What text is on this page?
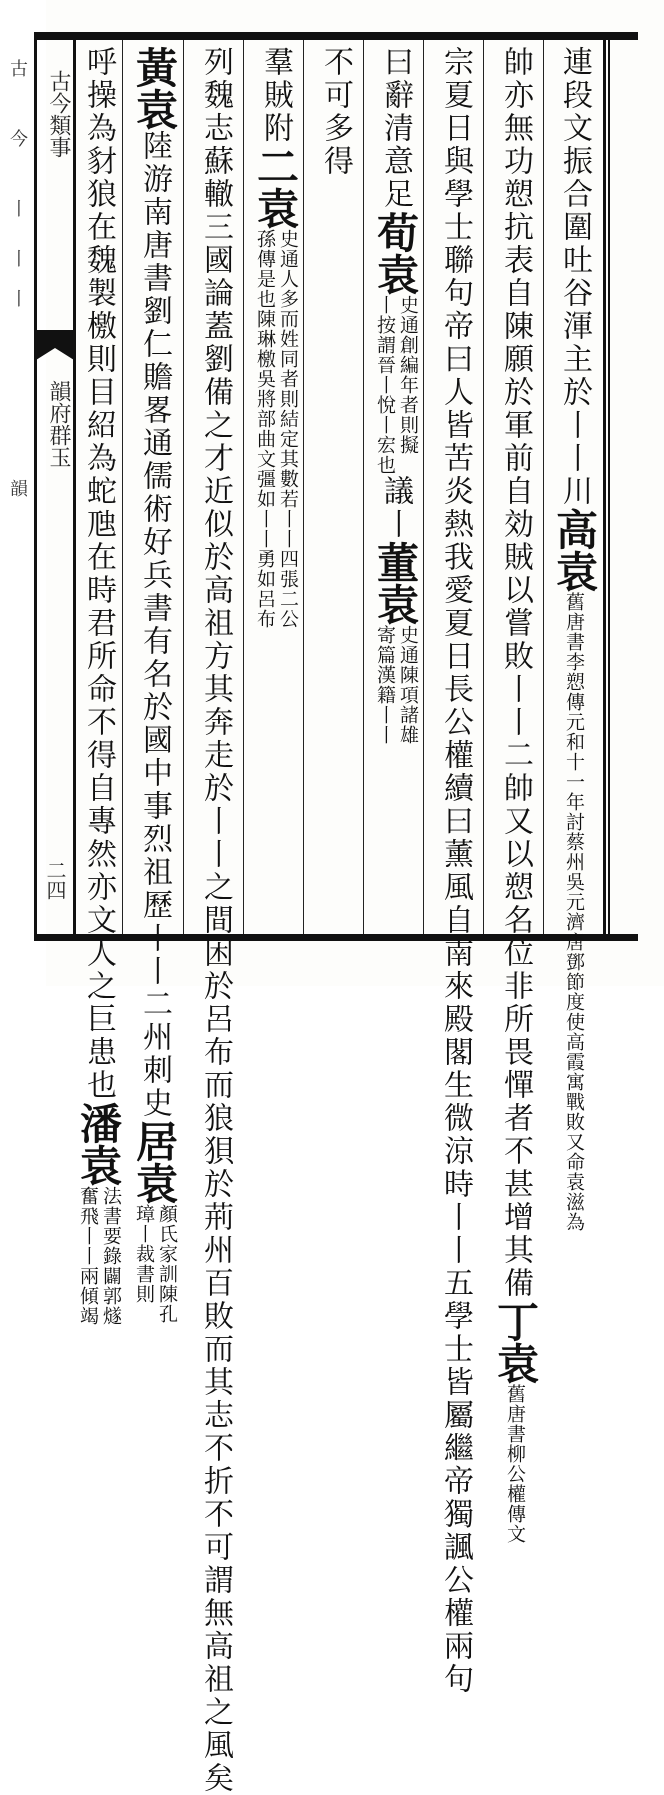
古
今
丨
丨
丨
韻
古今類事
韻府群玉
二四
連段文振合圍吐谷渾主於丨丨川高袁舊唐書李愬傳元和十一年討蔡州吳元濟唐鄧節度使高霞寓戰敗又命袁滋為
帥亦無功愬抗表自陳願於軍前自効賊以嘗敗丨丨二帥又以愬名位非所畏憚者不甚增其備丁袁舊唐書柳公權傳文
宗夏日與學士聯句帝曰人皆苦炎熱我愛夏日長公權續曰薰風自南來殿閣生微涼時丨丨五學士皆屬繼帝獨諷公權兩句
曰辭清意足荀袁
史通創編年者則擬
丨按謂晉丨悅丨宏也
議丨董袁
史通陳項諸雄
寄篇漢籍丨丨
不可多得
羣賊附二袁
史通人多而姓同者則結定其數若丨丨四張二公
孫傳是也陳琳檄吳將部曲文彊如丨丨勇如呂布
列魏志蘇轍三國論蓋劉備之才近似於高祖方其奔走於丨丨之間困於呂布而狼狽於荊州百敗而其志不折不可謂無高祖之風矣
黃袁陸游南唐書劉仁贍畧通儒術好兵書有名於國中事烈祖歷丨丨二州刺史居袁
顏氏家訓陳孔
璋丨裁書則
呼操為豺狼在魏製檄則目紹為蛇虺在時君所命不得自專然亦文人之巨患也潘袁
法書要錄闢郭燧
奮飛丨丨兩傾竭
